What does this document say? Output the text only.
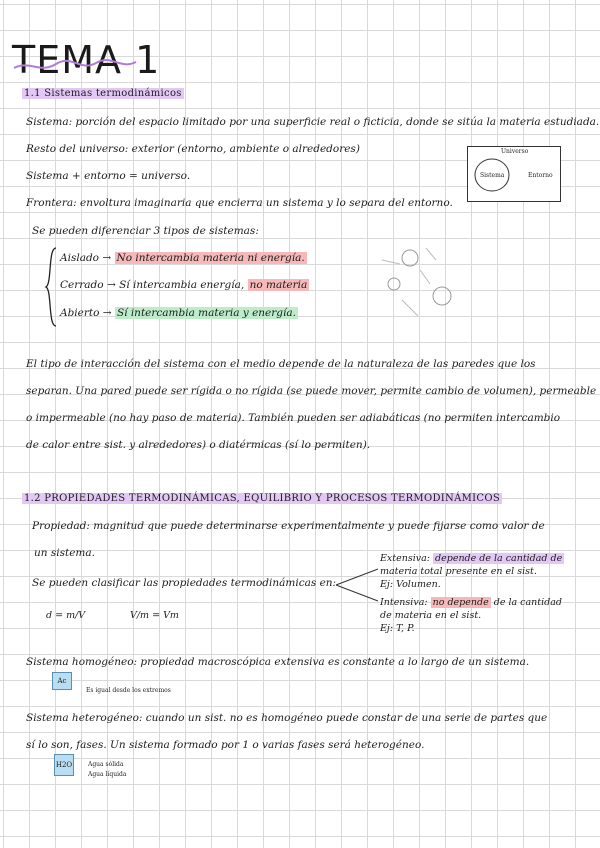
TEMA 1
1.1 Sistemas termodinámicos
Sistema: porción del espacio limitado por una superficie real o ficticia, donde se sitúa la materia estudiada.
Resto del universo: exterior (entorno, ambiente o alrededores)
Sistema + entorno = universo.
Frontera: envoltura imaginaria que encierra un sistema y lo separa del entorno.
Universo
Sistema	Entorno
Se pueden diferenciar 3 tipos de sistemas:
Aislado → No intercambia materia ni energía.
Cerrado → Sí intercambia energía, no materia
Abierto → Sí intercambia materia y energía.
El tipo de interacción del sistema con el medio depende de la naturaleza de las paredes que los
separan. Una pared puede ser rígida o no rígida (se puede mover, permite cambio de volumen), permeable
o impermeable (no hay paso de materia). También pueden ser adiabáticas (no permiten intercambio
de calor entre sist. y alrededores) o diatérmicas (sí lo permiten).
1.2 PROPIEDADES TERMODINÁMICAS, EQUILIBRIO Y PROCESOS TERMODINÁMICOS
Propiedad: magnitud que puede determinarse experimentalmente y puede fijarse como valor de
un sistema.
Se pueden clasificar las propiedades termodinámicas en:
Extensiva: depende de la cantidad de
materia total presente en el sist.
Ej: Volumen.
Intensiva: no depende de la cantidad
de materia en el sist.
Ej: T, P.
d = m/V	V/m = Vm
Sistema homogéneo: propiedad macroscópica extensiva es constante a lo largo de un sistema.
Ac
Es igual desde los extremos
Sistema heterogéneo: cuando un sist. no es homogéneo puede constar de una serie de partes que
sí lo son, fases. Un sistema formado por 1 o varias fases será heterogéneo.
H2O	Agua sólida
Agua líquida
